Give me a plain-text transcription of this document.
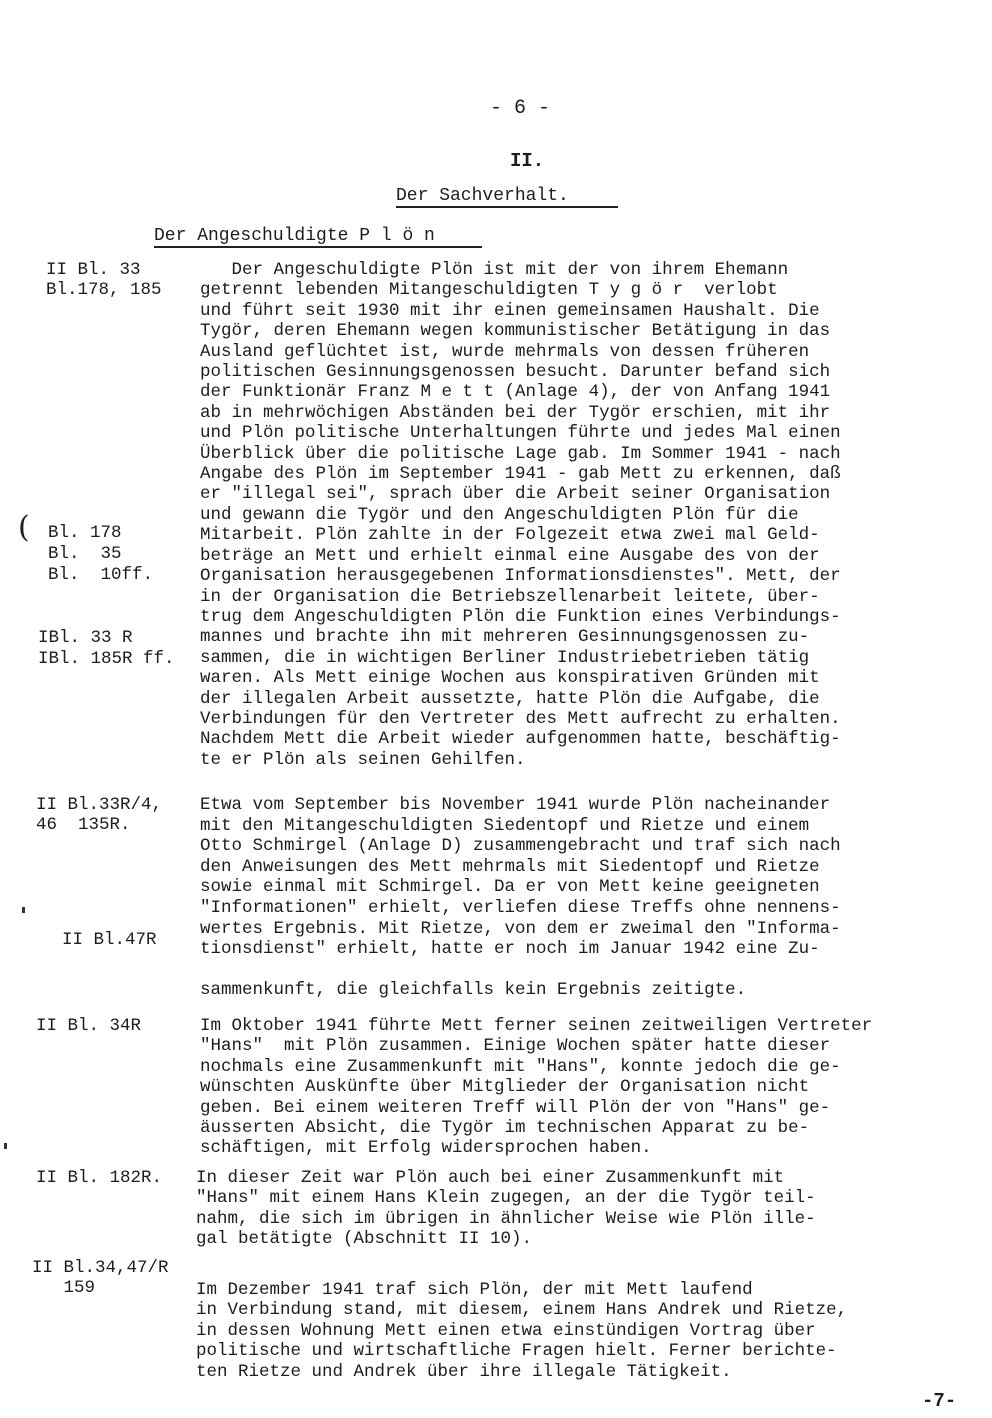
- 6 -
II.
Der Sachverhalt.
Der Angeschuldigte P l ö n
II Bl. 33
Bl.178, 185
Der Angeschuldigte Plön ist mit der von ihrem Ehemann
getrennt lebenden Mitangeschuldigten T y g ö r  verlobt
und führt seit 1930 mit ihr einen gemeinsamen Haushalt. Die
Tygör, deren Ehemann wegen kommunistischer Betätigung in das
Ausland geflüchtet ist, wurde mehrmals von dessen früheren
politischen Gesinnungsgenossen besucht. Darunter befand sich
der Funktionär Franz M e t t (Anlage 4), der von Anfang 1941
ab in mehrwöchigen Abständen bei der Tygör erschien, mit ihr
und Plön politische Unterhaltungen führte und jedes Mal einen
Überblick über die politische Lage gab. Im Sommer 1941 - nach
Angabe des Plön im September 1941 - gab Mett zu erkennen, daß
er "illegal sei", sprach über die Arbeit seiner Organisation
und gewann die Tygör und den Angeschuldigten Plön für die
Mitarbeit. Plön zahlte in der Folgezeit etwa zwei mal Geld-
beträge an Mett und erhielt einmal eine Ausgabe des von der
Organisation herausgegebenen Informationsdienstes". Mett, der
in der Organisation die Betriebszellenarbeit leitete, über-
trug dem Angeschuldigten Plön die Funktion eines Verbindungs-
mannes und brachte ihn mit mehreren Gesinnungsgenossen zu-
sammen, die in wichtigen Berliner Industriebetrieben tätig
waren. Als Mett einige Wochen aus konspirativen Gründen mit
der illegalen Arbeit aussetzte, hatte Plön die Aufgabe, die
Verbindungen für den Vertreter des Mett aufrecht zu erhalten.
Nachdem Mett die Arbeit wieder aufgenommen hatte, beschäftig-
te er Plön als seinen Gehilfen.
( Bl. 178
Bl.  35
Bl.  10ff.
IBl. 33 R
IBl. 185R ff.
II Bl.33R/4,
46  135R.
Etwa vom September bis November 1941 wurde Plön nacheinander
mit den Mitangeschuldigten Siedentopf und Rietze und einem
Otto Schmirgel (Anlage D) zusammengebracht und traf sich nach
den Anweisungen des Mett mehrmals mit Siedentopf und Rietze
sowie einmal mit Schmirgel. Da er von Mett keine geeigneten
"Informationen" erhielt, verliefen diese Treffs ohne nennens-
wertes Ergebnis. Mit Rietze, von dem er zweimal den "Informa-
tionsdienst" erhielt, hatte er noch im Januar 1942 eine Zu-

sammenkunft, die gleichfalls kein Ergebnis zeitigte.
II Bl.47R
II Bl. 34R	Im Oktober 1941 führte Mett ferner seinen zeitweiligen Vertreter
"Hans"  mit Plön zusammen. Einige Wochen später hatte dieser
nochmals eine Zusammenkunft mit "Hans", konnte jedoch die ge-
wünschten Auskünfte über Mitglieder der Organisation nicht
geben. Bei einem weiteren Treff will Plön der von "Hans" ge-
äusserten Absicht, die Tygör im technischen Apparat zu be-
schäftigen, mit Erfolg widersprochen haben.
II Bl. 182R. In dieser Zeit war Plön auch bei einer Zusammenkunft mit
"Hans" mit einem Hans Klein zugegen, an der die Tygör teil-
nahm, die sich im übrigen in ähnlicher Weise wie Plön ille-
gal betätigte (Abschnitt II 10).
II Bl.34,47/R
159	Im Dezember 1941 traf sich Plön, der mit Mett laufend
in Verbindung stand, mit diesem, einem Hans Andrek und Rietze,
in dessen Wohnung Mett einen etwa einstündigen Vortrag über
politische und wirtschaftliche Fragen hielt. Ferner berichte-
ten Rietze und Andrek über ihre illegale Tätigkeit.
-7-
